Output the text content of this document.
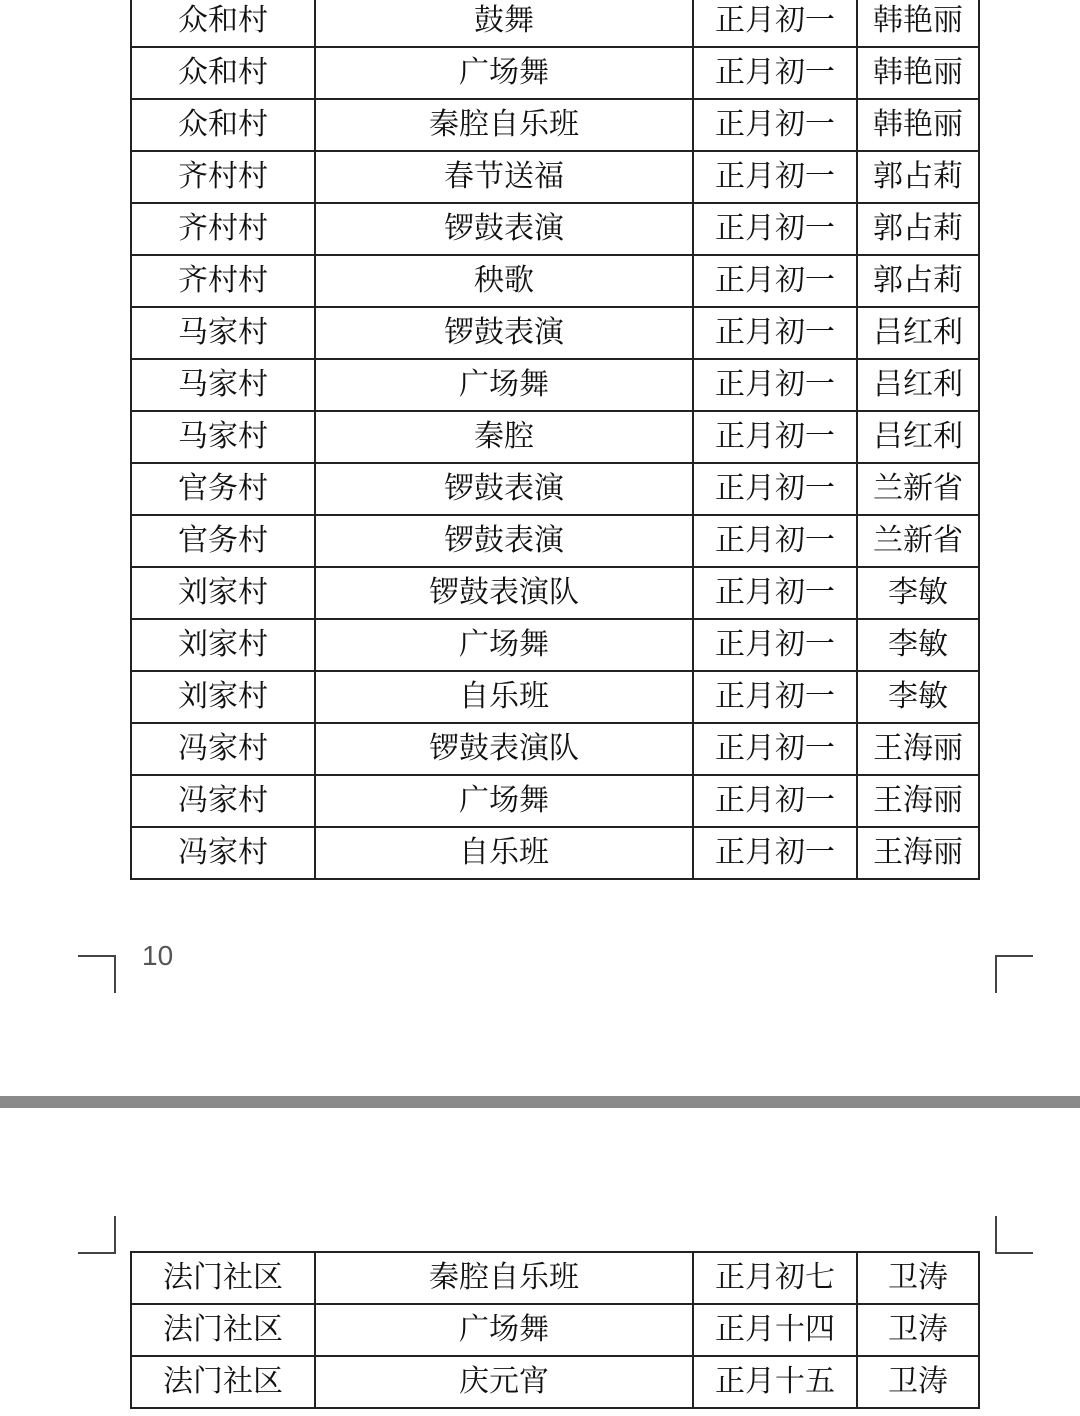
众和村	鼓舞	正月初一	韩艳丽
众和村	广场舞	正月初一	韩艳丽
众和村	秦腔自乐班	正月初一	韩艳丽
齐村村	春节送福	正月初一	郭占莉
齐村村	锣鼓表演	正月初一	郭占莉
齐村村	秧歌	正月初一	郭占莉
马家村	锣鼓表演	正月初一	吕红利
马家村	广场舞	正月初一	吕红利
马家村	秦腔	正月初一	吕红利
官务村	锣鼓表演	正月初一	兰新省
官务村	锣鼓表演	正月初一	兰新省
刘家村	锣鼓表演队	正月初一	李敏
刘家村	广场舞	正月初一	李敏
刘家村	自乐班	正月初一	李敏
冯家村	锣鼓表演队	正月初一	王海丽
冯家村	广场舞	正月初一	王海丽
冯家村	自乐班	正月初一	王海丽
10
法门社区	秦腔自乐班	正月初七	卫涛
法门社区	广场舞	正月十四	卫涛
法门社区	庆元宵	正月十五	卫涛
